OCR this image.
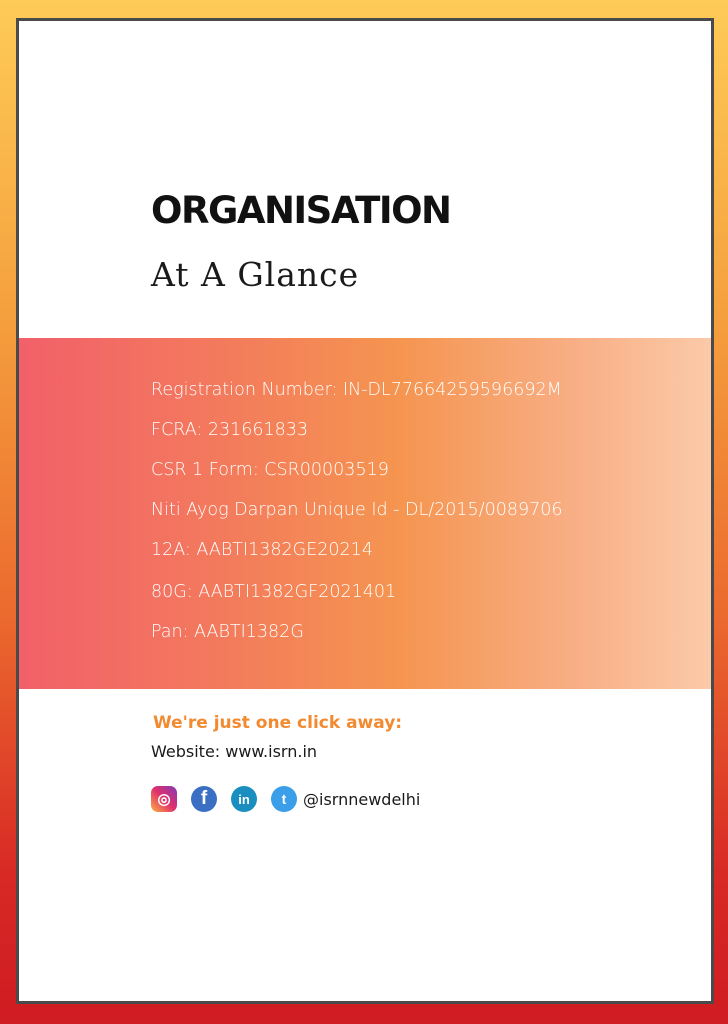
ORGANISATION
At A Glance
Registration Number: IN-DL77664259596692M
FCRA: 231661833
CSR 1 Form: CSR00003519
Niti Ayog Darpan Unique Id - DL/2015/0089706
12A: AABTI1382GE20214
80G: AABTI1382GF2021401
Pan: AABTI1382G
We're just one click away:
Website: www.isrn.in
◎	f	in	t	@isrnnewdelhi
